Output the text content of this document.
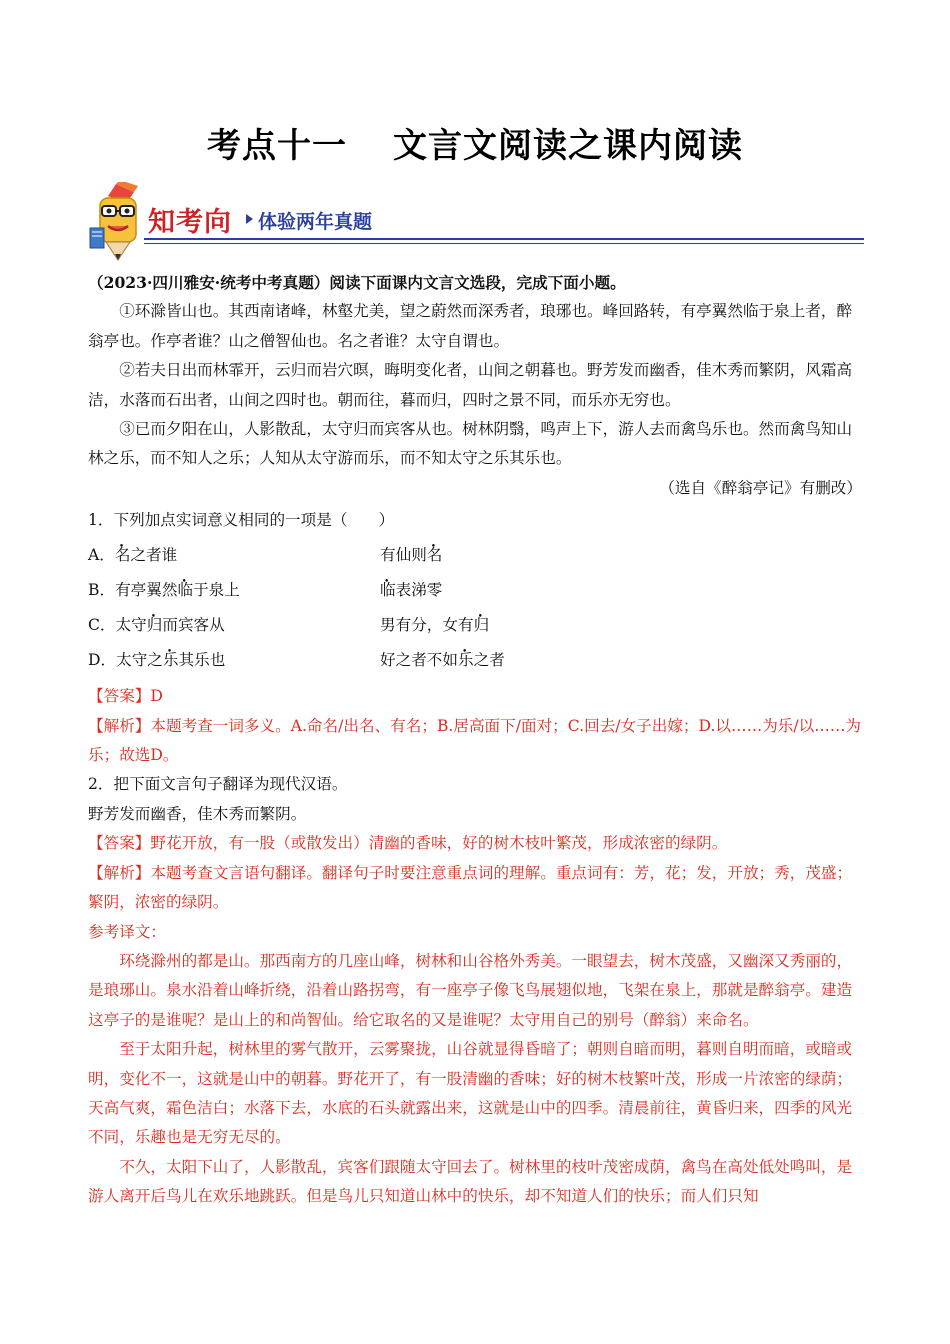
考点十一 文言文阅读之课内阅读
知考向 体验两年真题

（2023·四川雅安·统考中考真题）阅读下面课内文言文选段，完成下面小题。

①环滁皆山也。其西南诸峰，林壑尤美，望之蔚然而深秀者，琅琊也。峰回路转，有亭翼然临于泉上者，醉翁亭也。作亭者谁？山之僧智仙也。名之者谁？太守自谓也。

②若夫日出而林霏开，云归而岩穴暝，晦明变化者，山间之朝暮也。野芳发而幽香，佳木秀而繁阴，风霜高洁，水落而石出者，山间之四时也。朝而往，暮而归，四时之景不同，而乐亦无穷也。

③已而夕阳在山，人影散乱，太守归而宾客从也。树林阴翳，鸣声上下，游人去而禽鸟乐也。然而禽鸟知山林之乐，而不知人之乐；人知从太守游而乐，而不知太守之乐其乐也。

（选自《醉翁亭记》有删改）

1．下列加点实词意义相同的一项是（　　）

A．名之者谁	有仙则名
B．有亭翼然临于泉上	临表涕零
C．太守归而宾客从	男有分，女有归
D．太守之乐其乐也	好之者不如乐之者

【答案】D

【解析】本题考查一词多义。A.命名/出名、有名；B.居高面下/面对；C.回去/女子出嫁；D.以……为乐/以……为乐；故选D。

2．把下面文言句子翻译为现代汉语。

野芳发而幽香，佳木秀而繁阴。

【答案】野花开放，有一股（或散发出）清幽的香味，好的树木枝叶繁茂，形成浓密的绿阴。

【解析】本题考查文言语句翻译。翻译句子时要注意重点词的理解。重点词有：芳，花；发，开放；秀，茂盛；繁阴，浓密的绿阴。

参考译文：

环绕滁州的都是山。那西南方的几座山峰，树林和山谷格外秀美。一眼望去，树木茂盛，又幽深又秀丽的，是琅琊山。泉水沿着山峰折绕，沿着山路拐弯，有一座亭子像飞鸟展翅似地，飞架在泉上，那就是醉翁亭。建造这亭子的是谁呢？是山上的和尚智仙。给它取名的又是谁呢？太守用自己的别号（醉翁）来命名。

至于太阳升起，树林里的雾气散开，云雾聚拢，山谷就显得昏暗了；朝则自暗而明，暮则自明而暗，或暗或明，变化不一，这就是山中的朝暮。野花开了，有一股清幽的香味；好的树木枝繁叶茂，形成一片浓密的绿荫；天高气爽，霜色洁白；水落下去，水底的石头就露出来，这就是山中的四季。清晨前往，黄昏归来，四季的风光不同，乐趣也是无穷无尽的。

不久，太阳下山了，人影散乱，宾客们跟随太守回去了。树林里的枝叶茂密成荫，禽鸟在高处低处鸣叫，是游人离开后鸟儿在欢乐地跳跃。但是鸟儿只知道山林中的快乐，却不知道人们的快乐；而人们只知
